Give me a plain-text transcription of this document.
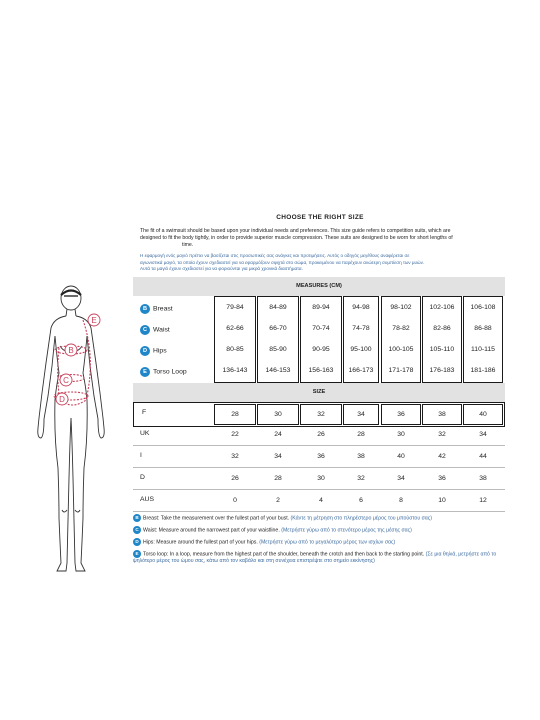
CHOOSE THE RIGHT SIZE
The fit of a swimsuit should be based upon your individual needs and preferences. This size guide refers to competition suits, which are
designed to fit the body tightly, in order to provide superior muscle compression. These suits are designed to be worn for short lengths of
time.
Η εφαρμογή ενός μαγιό πρέπει να βασίζεται στις προσωπικές σας ανάγκες και προτιμήσεις. Αυτός ο οδηγός μεγέθους αναφέρεται σε
αγωνιστικά μαγιό, τα οποία έχουν σχεδιαστεί για να εφαρμόζουν σφιχτά στο σώμα, προκειμένου να παρέχουν ανώτερη συμπίεση των μυών.
Αυτά τα μαγιό έχουν σχεδιαστεί για να φοριούνται για μικρά χρονικά διαστήματα.
E
B
C
D
MEASURES (CM)
SIZE
B Breast	79-84	84-89	89-94	94-98	98-102	102-106	106-108
C Waist	62-66	66-70	70-74	74-78	78-82	82-86	86-88
D Hips	80-85	85-90	90-95	95-100	100-105	105-110	110-115
E Torso Loop	136-143	146-153	156-163	166-173	171-178	176-183	181-186
F	28	30	32	34	36	38	40
UK	22	24	26	28	30	32	34
I	32	34	36	38	40	42	44
D	26	28	30	32	34	36	38
AUS	0	2	4	6	8	10	12
B Breast: Take the measurement over the fullest part of your bust. (Κάντε τη μέτρηση στο πληρέστερο μέρος του μπούστου σας)
C Waist: Measure around the narrowest part of your waistline. (Μετρήστε γύρω από το στενότερο μέρος της μέσης σας)
D Hips: Measure around the fullest part of your hips. (Μετρήστε γύρω από το μεγαλύτερο μέρος των ισχίων σας)
E Torso loop: In a loop, measure from the highest part of the shoulder, beneath the crotch and then back to the starting point. (Σε μια θηλιά, μετρήστε από το ψηλότερο μέρος του ώμου σας, κάτω από τον καβάλο και στη συνέχεια επιστρέψτε στο σημείο εκκίνησης)
